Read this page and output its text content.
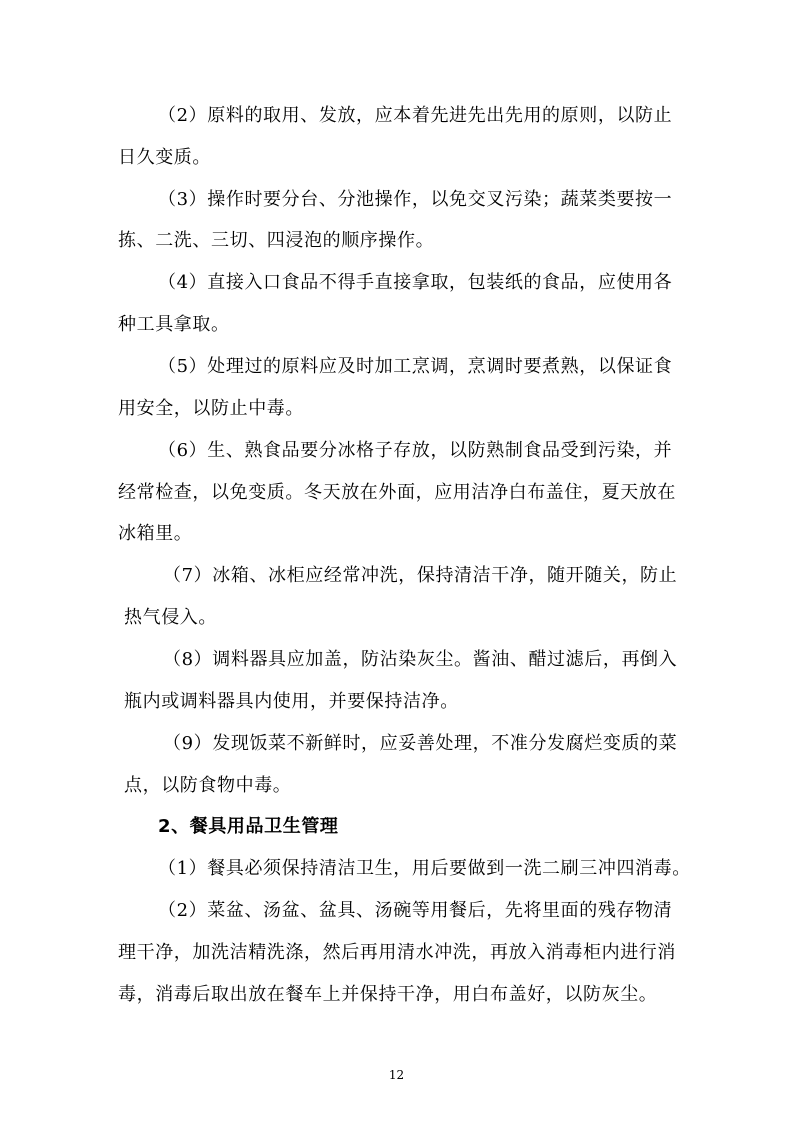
（2）原料的取用、发放，应本着先进先出先用的原则，以防止
日久变质。
（3）操作时要分台、分池操作，以免交叉污染；蔬菜类要按一
拣、二洗、三切、四浸泡的顺序操作。
（4）直接入口食品不得手直接拿取，包装纸的食品，应使用各
种工具拿取。
（5）处理过的原料应及时加工烹调，烹调时要煮熟，以保证食
用安全，以防止中毒。
（6）生、熟食品要分冰格子存放，以防熟制食品受到污染，并
经常检查，以免变质。冬天放在外面，应用洁净白布盖住，夏天放在
冰箱里。
（7）冰箱、冰柜应经常冲洗，保持清洁干净，随开随关，防止
热气侵入。
（8）调料器具应加盖，防沾染灰尘。酱油、醋过滤后，再倒入
瓶内或调料器具内使用，并要保持洁净。
（9）发现饭菜不新鲜时，应妥善处理，不准分发腐烂变质的菜
点，以防食物中毒。
2、餐具用品卫生管理
（1）餐具必须保持清洁卫生，用后要做到一洗二刷三冲四消毒。
（2）菜盆、汤盆、盆具、汤碗等用餐后，先将里面的残存物清
理干净，加洗洁精洗涤，然后再用清水冲洗，再放入消毒柜内进行消
毒，消毒后取出放在餐车上并保持干净，用白布盖好，以防灰尘。
12
